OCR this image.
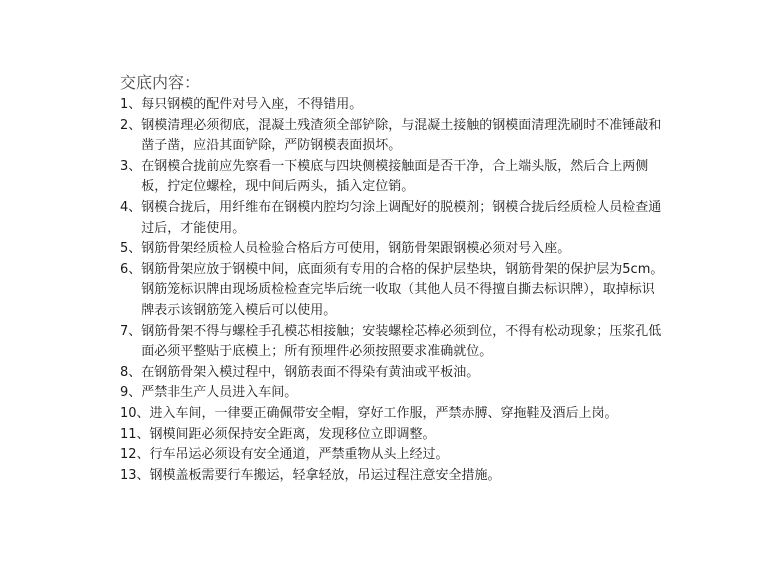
交底内容：
1、 每只钢模的配件对号入座，不得错用。
2、 钢模清理必须彻底，混凝土残渣须全部铲除，与混凝土接触的钢模面清理洗刷时不准锤敲和凿子凿，应沿其面铲除，严防钢模表面损坏。
3、 在钢模合拢前应先察看一下模底与四块侧模接触面是否干净，合上端头版，然后合上两侧板，拧定位螺栓，现中间后两头，插入定位销。
4、 钢模合拢后，用纤维布在钢模内腔均匀涂上调配好的脱模剂；钢模合拢后经质检人员检查通过后，才能使用。
5、 钢筋骨架经质检人员检验合格后方可使用，钢筋骨架跟钢模必须对号入座。
6、 钢筋骨架应放于钢模中间，底面须有专用的合格的保护层垫块，钢筋骨架的保护层为5cm。钢筋笼标识牌由现场质检检查完毕后统一收取（其他人员不得擅自撕去标识牌），取掉标识牌表示该钢筋笼入模后可以使用。
7、 钢筋骨架不得与螺栓手孔模芯相接触；安装螺栓芯棒必须到位，不得有松动现象；压浆孔低面必须平整贴于底模上；所有预埋件必须按照要求准确就位。
8、 在钢筋骨架入模过程中，钢筋表面不得染有黄油或平板油。
9、 严禁非生产人员进入车间。
10、 进入车间，一律要正确佩带安全帽，穿好工作服，严禁赤膊、穿拖鞋及酒后上岗。
11、 钢模间距必须保持安全距离，发现移位立即调整。
12、 行车吊运必须设有安全通道，严禁重物从头上经过。
13、 钢模盖板需要行车搬运，轻拿轻放，吊运过程注意安全措施。
